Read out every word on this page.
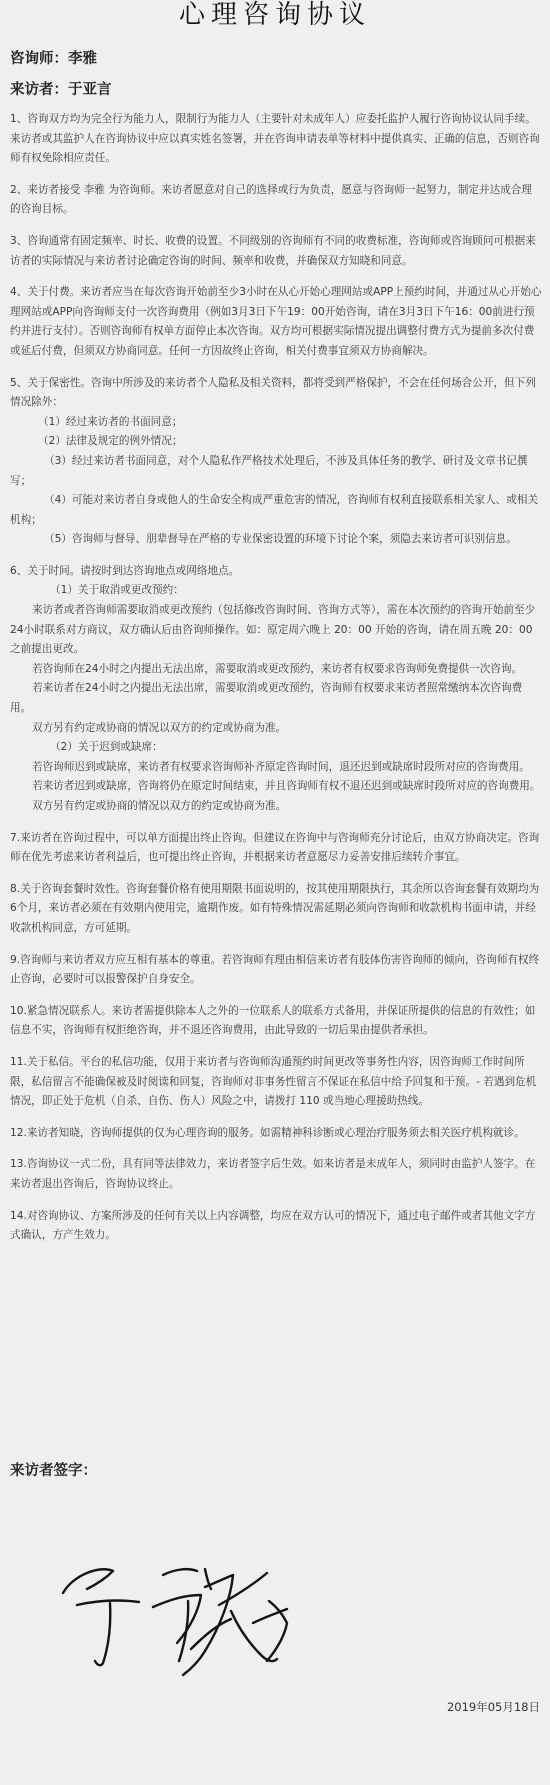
心理咨询协议

咨询师：李雅

来访者：于亚言

1、咨询双方均为完全行为能力人，限制行为能力人（主要针对未成年人）应委托监护人履行咨询协议认同手续。来访者或其监护人在咨询协议中应以真实姓名签署，并在咨询申请表单等材料中提供真实、正确的信息，否则咨询师有权免除相应责任。

2、来访者接受 李雅 为咨询师。来访者愿意对自己的选择或行为负责，愿意与咨询师一起努力，制定并达成合理的咨询目标。

3、咨询通常有固定频率、时长、收费的设置。不同级别的咨询师有不同的收费标准，咨询师或咨询顾问可根据来访者的实际情况与来访者讨论确定咨询的时间、频率和收费，并确保双方知晓和同意。

4、关于付费。来访者应当在每次咨询开始前至少3小时在从心开始心理网站或APP上预约时间，并通过从心开始心理网站或APP向咨询师支付一次咨询费用（例如3月3日下午19：00开始咨询，请在3月3日下午16：00前进行预约并进行支付）。否则咨询师有权单方面停止本次咨询。双方均可根据实际情况提出调整付费方式为提前多次付费或延后付费，但须双方协商同意。任何一方因故终止咨询，相关付费事宜须双方协商解决。

5、关于保密性。咨询中所涉及的来访者个人隐私及相关资料，都将受到严格保护，不会在任何场合公开，但下列情况除外：

（1）经过来访者的书面同意；

（2）法律及规定的例外情况；

（3）经过来访者书面同意，对个人隐私作严格技术处理后，不涉及具体任务的教学、研讨及文章书记撰写；

（4）可能对来访者自身或他人的生命安全构成严重危害的情况，咨询师有权利直接联系相关家人、或相关机构；

（5）咨询师与督导、朋辈督导在严格的专业保密设置的环境下讨论个案，须隐去来访者可识别信息。

6、关于时间。请按时到达咨询地点或网络地点。

（1）关于取消或更改预约：

来访者或者咨询师需要取消或更改预约（包括修改咨询时间、咨询方式等），需在本次预约的咨询开始前至少24小时联系对方商议，双方确认后由咨询师操作。如：原定周六晚上 20：00 开始的咨询，请在周五晚 20：00 之前提出更改。

若咨询师在24小时之内提出无法出席，需要取消或更改预约，来访者有权要求咨询师免费提供一次咨询。

若来访者在24小时之内提出无法出席，需要取消或更改预约，咨询师有权要求来访者照常缴纳本次咨询费用。

双方另有约定或协商的情况以双方的约定或协商为准。

（2）关于迟到或缺席：

若咨询师迟到或缺席，来访者有权要求咨询师补齐原定咨询时间，退还迟到或缺席时段所对应的咨询费用。

若来访者迟到或缺席，咨询将仍在原定时间结束，并且咨询师有权不退还迟到或缺席时段所对应的咨询费用。

双方另有约定或协商的情况以双方的约定或协商为准。

7.来访者在咨询过程中，可以单方面提出终止咨询。但建议在咨询中与咨询师充分讨论后，由双方协商决定。咨询师在优先考虑来访者利益后，也可提出终止咨询，并根据来访者意愿尽力妥善安排后续转介事宜。

8.关于咨询套餐时效性。咨询套餐价格有使用期限书面说明的，按其使用期限执行，其余所以咨询套餐有效期均为6个月，来访者必须在有效期内使用完，逾期作废。如有特殊情况需延期必须向咨询师和收款机构书面申请，并经收款机构同意，方可延期。

9.咨询师与来访者双方应互相有基本的尊重。若咨询师有理由相信来访者有肢体伤害咨询师的倾向，咨询师有权终止咨询，必要时可以报警保护自身安全。

10.紧急情况联系人。来访者需提供除本人之外的一位联系人的联系方式备用，并保证所提供的信息的有效性；如信息不实，咨询师有权拒绝咨询，并不退还咨询费用，由此导致的一切后果由提供者承担。

11.关于私信。平台的私信功能，仅用于来访者与咨询师沟通预约时间更改等事务性内容，因咨询师工作时间所限，私信留言不能确保被及时阅读和回复，咨询师对非事务性留言不保证在私信中给予回复和干预。- 若遇到危机情况，即正处于危机（自杀、自伤、伤人）风险之中，请拨打 110 或当地心理援助热线。

12.来访者知晓，咨询师提供的仅为心理咨询的服务。如需精神科诊断或心理治疗服务须去相关医疗机构就诊。

13.咨询协议一式二份，具有同等法律效力，来访者签字后生效。如来访者是未成年人，须同时由监护人签字。在来访者退出咨询后，咨询协议终止。

14.对咨询协议、方案所涉及的任何有关以上内容调整，均应在双方认可的情况下，通过电子邮件或者其他文字方式确认，方产生效力。

来访者签字：

2019年05月18日
